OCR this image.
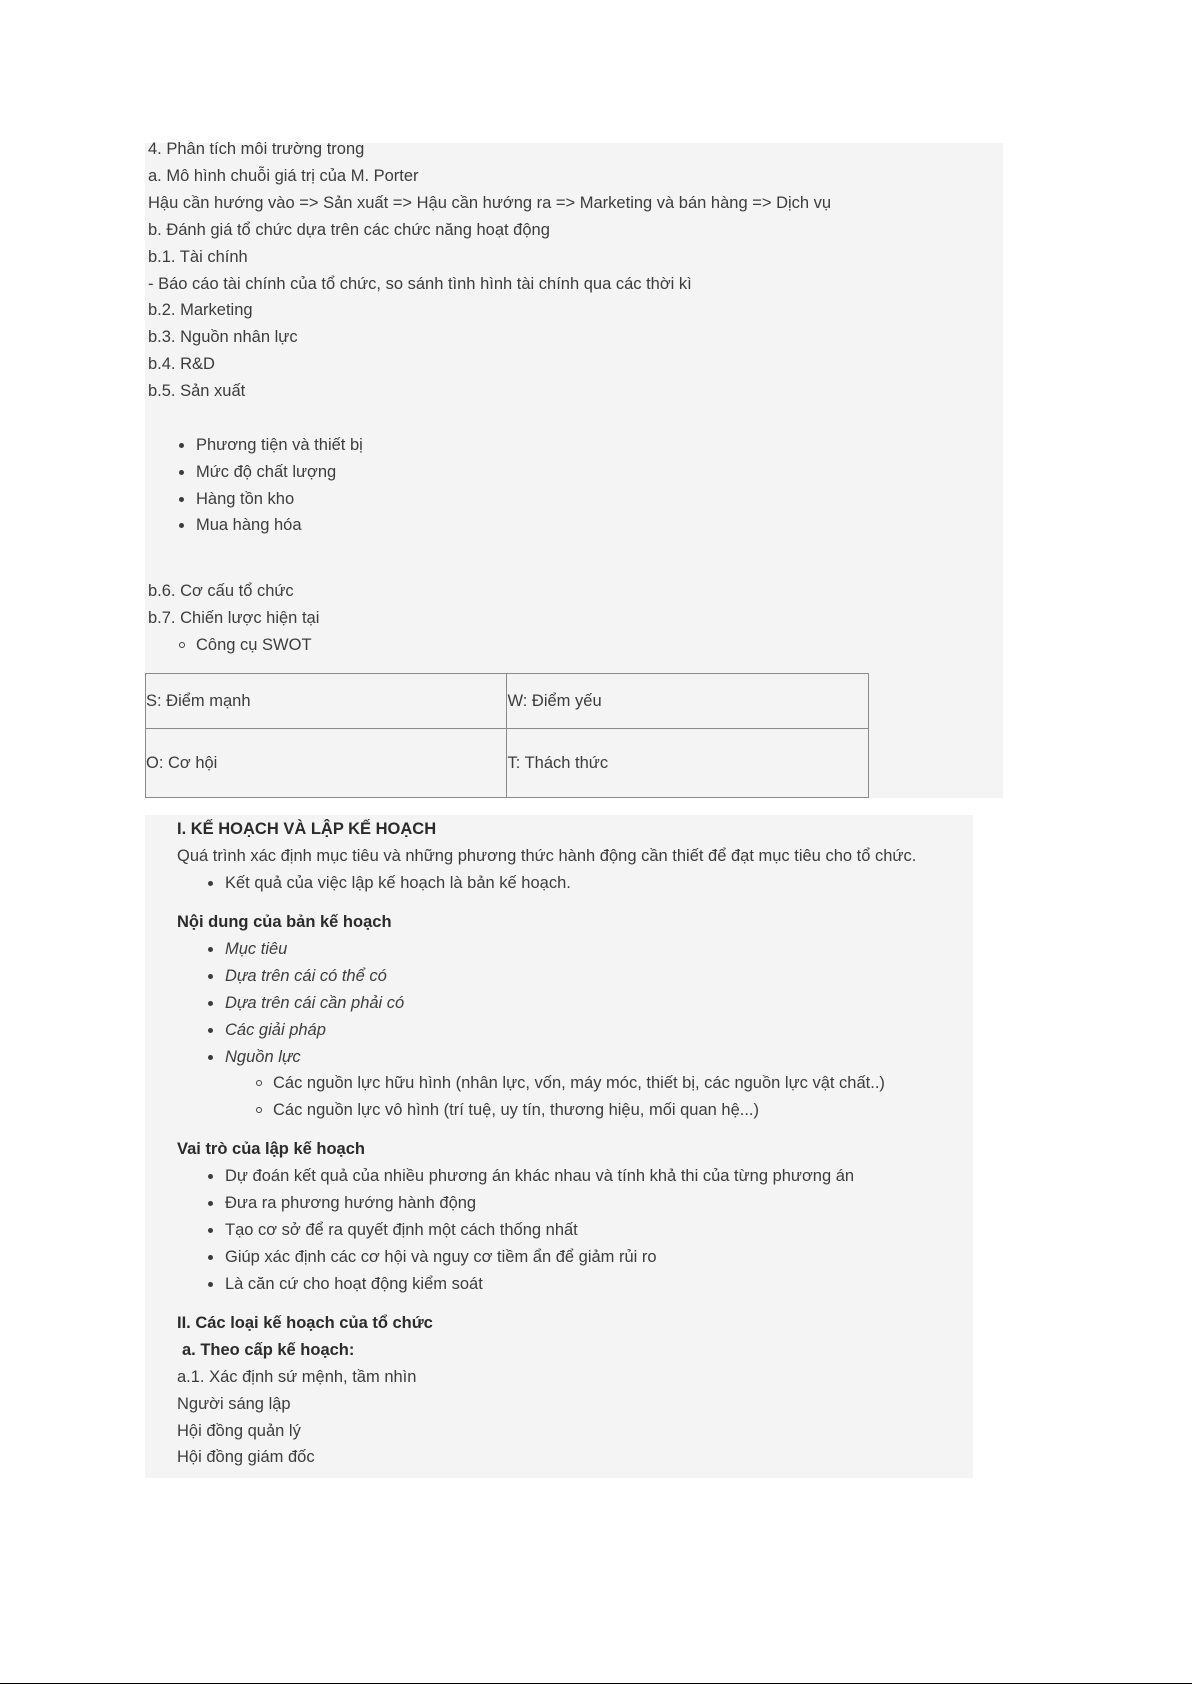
4. Phân tích môi trường trong
a. Mô hình chuỗi giá trị của M. Porter
Hậu cần hướng vào => Sản xuất => Hậu cần hướng ra => Marketing và bán hàng => Dịch vụ
b. Đánh giá tổ chức dựa trên các chức năng hoạt động
b.1. Tài chính
- Báo cáo tài chính của tổ chức, so sánh tình hình tài chính qua các thời kì
b.2. Marketing
b.3. Nguồn nhân lực
b.4. R&D
b.5. Sản xuất
Phương tiện và thiết bị
Mức độ chất lượng
Hàng tồn kho
Mua hàng hóa
b.6. Cơ cấu tổ chức
b.7. Chiến lược hiện tại
Công cụ SWOT
S: Điểm mạnh	W: Điểm yếu
O: Cơ hội	T: Thách thức
I. KẾ HOẠCH VÀ LẬP KẾ HOẠCH
Quá trình xác định mục tiêu và những phương thức hành động cần thiết để đạt mục tiêu cho tổ chức.
Kết quả của việc lập kế hoạch là bản kế hoạch.
Nội dung của bản kế hoạch
Mục tiêu
Dựa trên cái có thể có
Dựa trên cái cần phải có
Các giải pháp
Nguồn lực
Các nguồn lực hữu hình (nhân lực, vốn, máy móc, thiết bị, các nguồn lực vật chất..)
Các nguồn lực vô hình (trí tuệ, uy tín, thương hiệu, mối quan hệ...)
Vai trò của lập kế hoạch
Dự đoán kết quả của nhiều phương án khác nhau và tính khả thi của từng phương án
Đưa ra phương hướng hành động
Tạo cơ sở để ra quyết định một cách thống nhất
Giúp xác định các cơ hội và nguy cơ tiềm ẩn để giảm rủi ro
Là căn cứ cho hoạt động kiểm soát
II. Các loại kế hoạch của tổ chức
a. Theo cấp kế hoạch:
a.1. Xác định sứ mệnh, tầm nhìn
Người sáng lập
Hội đồng quản lý
Hội đồng giám đốc
